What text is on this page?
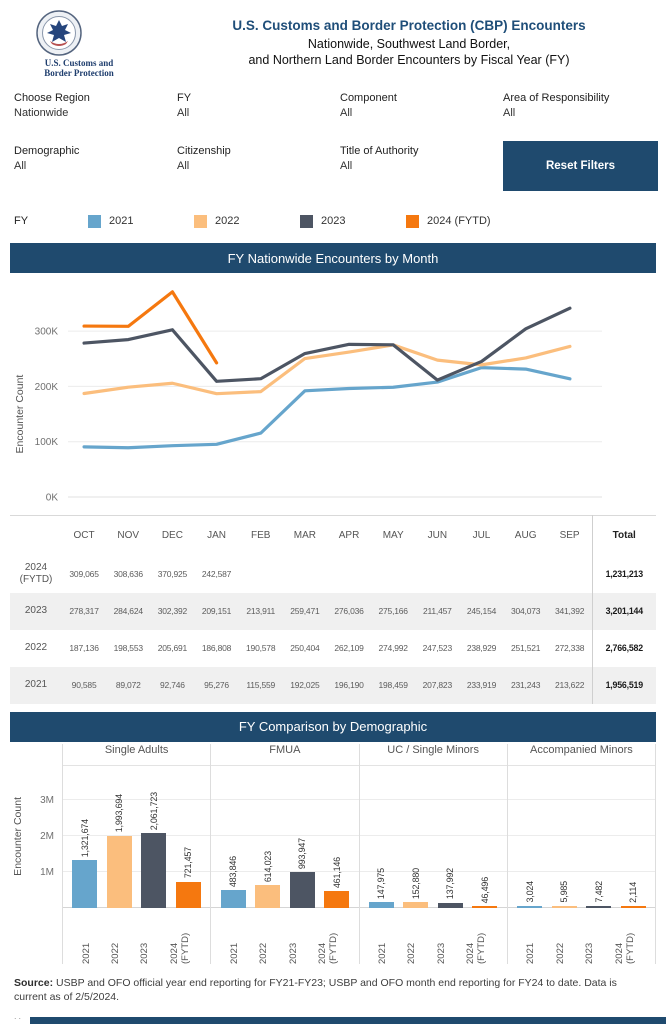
U.S. Customs and
Border Protection
U.S. Customs and Border Protection (CBP) Encounters
Nationwide, Southwest Land Border,
and Northern Land Border Encounters by Fiscal Year (FY)
Choose Region
Nationwide
FY
All
Component
All
Area of Responsibility
All
Demographic
All
Citizenship
All
Title of Authority
All	Reset Filters
FY	2021	2022	2023	2024 (FYTD)
FY Nationwide Encounters by Month
0K
100K
200K
300K
Encounter Count
	OCT	NOV	DEC	JAN	FEB	MAR	APR	MAY	JUN	JUL	AUG	SEP	Total
2024 (FYTD)	309,065	308,636	370,925	242,587									1,231,213
2023	278,317	284,624	302,392	209,151	213,911	259,471	276,036	275,166	211,457	245,154	304,073	341,392	3,201,144
2022	187,136	198,553	205,691	186,808	190,578	250,404	262,109	274,992	247,523	238,929	251,521	272,338	2,766,582
2021	90,585	89,072	92,746	95,276	115,559	192,025	196,190	198,459	207,823	233,919	231,243	213,622	1,956,519
FY Comparison by Demographic
1M
2M
3M
Encounter Count
Single Adults
1,321,674
1,993,694	2,061,723
721,457
2021 2022 2023 2024 (FYTD)
FMUA
483,846	614,023	993,947
461,146
2021 2022 2023 2024 (FYTD)
UC / Single Minors
147,975	152,880	137,992	46,496
2021 2022 2023 2024 (FYTD)
Accompanied Minors
3,024	5,985	7,482	2,114
2021 2022 2023 2024 (FYTD)
Source: USBP and OFO official year end reporting for FY21-FY23; USBP and OFO month end reporting for FY24 to date. Data is current as of 2/5/2024.
..
